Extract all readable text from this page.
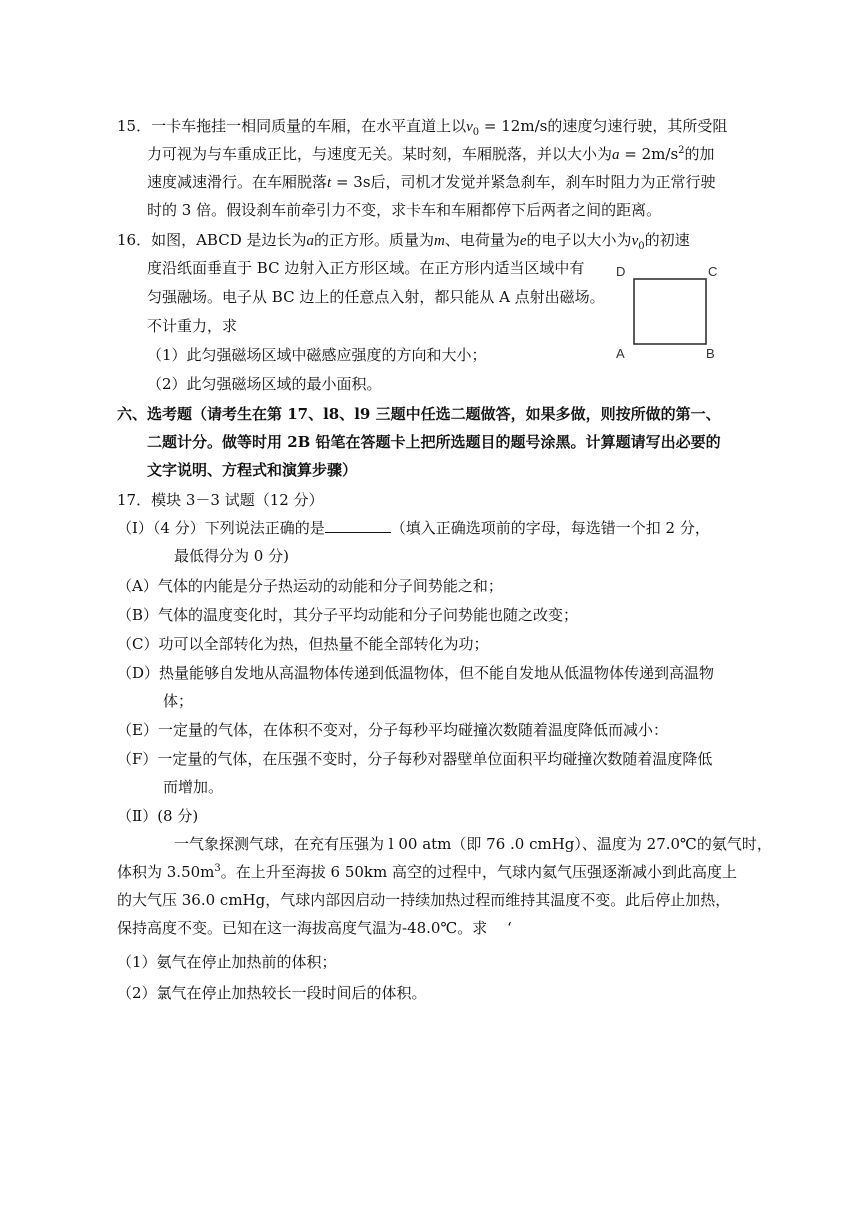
15．一卡车拖挂一相同质量的车厢，在水平直道上以$v_0 = 12m/s$的速度匀速行驶，其所受阻
力可视为与车重成正比，与速度无关。某时刻，车厢脱落，并以大小为$a = 2m/s^2$的加
速度减速滑行。在车厢脱落t = 3s后，司机才发觉并紧急刹车，刹车时阻力为正常行驶
时的 3 倍。假设刹车前牵引力不变，求卡车和车厢都停下后两者之间的距离。
16．如图，ABCD 是边长为a的正方形。质量为m、电荷量为e的电子以大小为$v_0$的初速
度沿纸面垂直于 BC 边射入正方形区域。在正方形内适当区域中有
匀强融场。电子从 BC 边上的任意点入射，都只能从 A 点射出磁场。
不计重力，求
（1）此匀强磁场区域中磁感应强度的方向和大小；
（2）此匀强磁场区域的最小面积。
D	C
A	B
六、选考题（请考生在第 17、l8、l9 三题中任选二题做答，如果多做，则按所做的第一、
二题计分。做等时用 2B 铅笔在答题卡上把所选题目的题号涂黑。计算题请写出必要的
文字说明、方程式和演算步骤）
17．模块 3－3 试题（12 分）
（Ⅰ）（4 分）下列说法正确的是	（填入正确选项前的字母，每选错一个扣 2 分，
最低得分为 0 分)
（A）气体的内能是分子热运动的动能和分子间势能之和；
（B）气体的温度变化时，其分子平均动能和分子问势能也随之改变；
（C）功可以全部转化为热，但热量不能全部转化为功；
（D）热量能够自发地从高温物体传递到低温物体，但不能自发地从低温物体传递到高温物
体；
（E）一定量的气体，在体积不变对，分子每秒平均碰撞次数随着温度降低而减小：
（F）一定量的气体，在压强不变时，分子每秒对器壁单位面积平均碰撞次数随着温度降低
而增加。
（Ⅱ）(8 分)
一气象探测气球，在充有压强为 l 00 atm（即 76 .0 cmHg）、温度为 27.0℃的氨气时，
体积为 $3.50m^3$。在上升至海拔 6 50km 高空的过程中，气球内氦气压强逐渐减小到此高度上
的大气压 36.0 cmHg，气球内部因启动一持续加热过程而维持其温度不变。此后停止加热，
保持高度不变。已知在这一海拔高度气温为-48.0℃。求　 ‘
（1）氨气在停止加热前的体积；
（2）氯气在停止加热较长一段时间后的体积。
